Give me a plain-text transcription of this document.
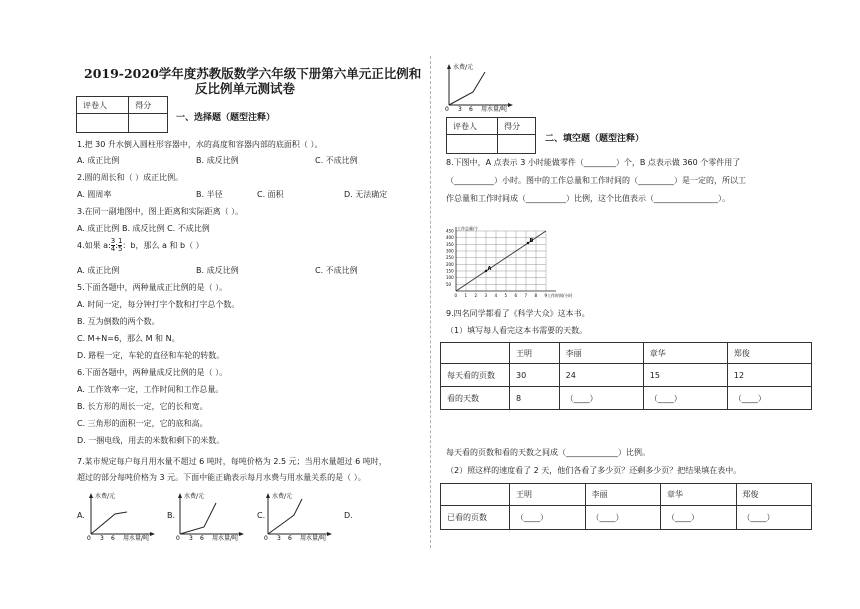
2019-2020学年度苏教版数学六年级下册第六单元正比例和
反比例单元测试卷
评卷人	得分

一、选择题（题型注释）
1.把 30 升水倒入圆柱形容器中，水的高度和容器内部的底面积（ ）。
A. 成正比例	B. 成反比例	C. 不成比例
2.圆的周长和（ ）成正比例。
A. 圆周率	B. 半径	C. 面积	D. 无法确定
3.在同一副地图中，图上距离和实际距离（ ）。
A. 成正比例 B. 成反比例 C. 不成比例
4.如果 a: $\frac{3}{4}$ : $\frac{1}{5}$ ：b，那么 a 和 b（ ）
A. 成正比例	B. 成反比例	C. 不成比例
5.下面各题中，两种量成正比例的是（ ）。
A. 时间一定，每分钟打字个数和打字总个数。
B. 互为倒数的两个数。
C. M+N=6，那么 M 和 N。
D. 路程一定，车轮的直径和车轮的转数。
6.下面各题中，两种量成反比例的是（ ）。
A. 工作效率一定，工作时间和工作总量。
B. 长方形的周长一定，它的长和宽。
C. 三角形的面积一定，它的底和高。
D. 一捆电线，用去的米数和剩下的米数。
7.某市规定每户每月用水量不超过 6 吨时，每吨价格为 2.5 元；当用水量超过 6 吨时，
超过的部分每吨价格为 3 元。下面中能正确表示每月水费与用水量关系的是（ ）。
A.	B.	C.	D.
水费/元
用水量/吨
0 3 6
水费/元
用水量/吨
0 3 6
水费/元
用水量/吨
0 3 6
水费/元
用水量/吨
0 3 6
评卷人	得分

二、填空题（题型注释）
8.下图中，A 点表示 3 小时能做零件（________）个，B 点表示做 360 个零件用了
（__________）小时。图中的工作总量和工作时间的（_________）是一定的，所以工
作总量和工作时间成（__________）比例，这个比值表示（________________）。
0 1 2 3 4 5 6 7 8 9
50
100
150
200
250
300
350
400
450 工作总量/个
工作时间/小时
A
B
9.四名同学都看了《科学大众》这本书。
（1）填写每人看完这本书需要的天数。
	王明	李丽	章华	郑俊
每天看的页数	30	24	15	12
看的天数	8	（____）	（____）	（____）
每天看的页数和看的天数之间成（_____________）比例。
（2）照这样的速度看了 2 天，他们各看了多少页？还剩多少页？把结果填在表中。
	王明	李丽	章华	郑俊
已看的页数	（____）	（____）	（____）	（____）
